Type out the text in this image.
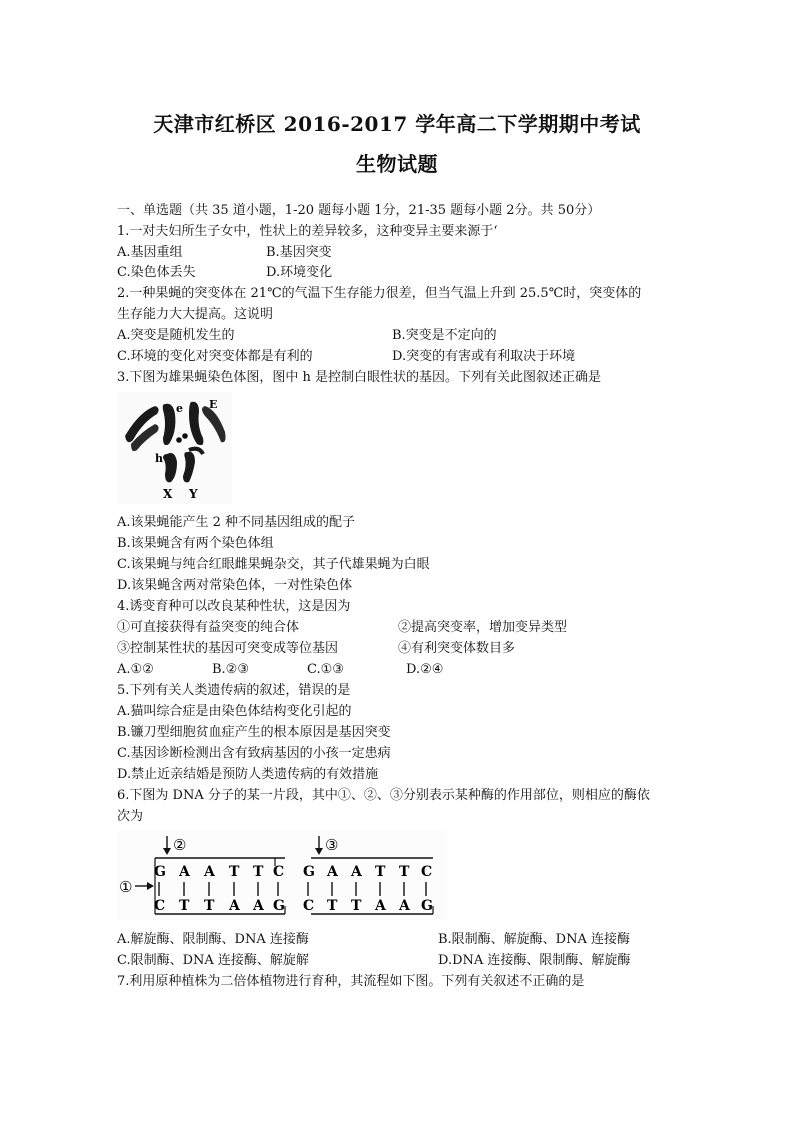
天津市红桥区 2016-2017 学年高二下学期期中考试
生物试题
一、单选题（共 35 道小题，1-20 题每小题 1分，21-35 题每小题 2分。共 50分）
1.一对夫妇所生子女中，性状上的差异较多，这种变异主要来源于‘
A.基因重组	B.基因突变
C.染色体丢失	D.环境变化
2.一种果蝇的突变体在 21℃的气温下生存能力很差，但当气温上升到 25.5℃时，突变体的
生存能力大大提高。这说明
A.突变是随机发生的	B.突变是不定向的
C.环境的变化对突变体都是有利的	D.突变的有害或有利取决于环境
3.下图为雄果蝇染色体图，图中 h 是控制白眼性状的基因。下列有关此图叙述正确是
e E
h
X Y
A.该果蝇能产生 2 种不同基因组成的配子
B.该果蝇含有两个染色体组
C.该果蝇与纯合红眼雌果蝇杂交，其子代雄果蝇为白眼
D.该果蝇含两对常染色体，一对性染色体
4.诱变育种可以改良某种性状，这是因为
①可直接获得有益突变的纯合体	②提高突变率，增加变异类型
③控制某性状的基因可突变成等位基因	④有利突变体数目多
A.①②	B.②③	C.①③	D.②④
5.下列有关人类遗传病的叙述，错误的是
A.猫叫综合症是由染色体结构变化引起的
B.镰刀型细胞贫血症产生的根本原因是基因突变
C.基因诊断检测出含有致病基因的小孩一定患病
D.禁止近亲结婚是预防人类遗传病的有效措施
6.下图为 DNA 分子的某一片段，其中①、②、③分别表示某种酶的作用部位，则相应的酶依
次为
②
①
G A A T T C
C T T A A G
③
G A A T T C
C T T A A G
A.解旋酶、限制酶、DNA 连接酶	B.限制酶、解旋酶、DNA 连接酶
C.限制酶、DNA 连接酶、解旋解	D.DNA 连接酶、限制酶、解旋酶
7.利用原种植株为二倍体植物进行育种，其流程如下图。下列有关叙述不正确的是
